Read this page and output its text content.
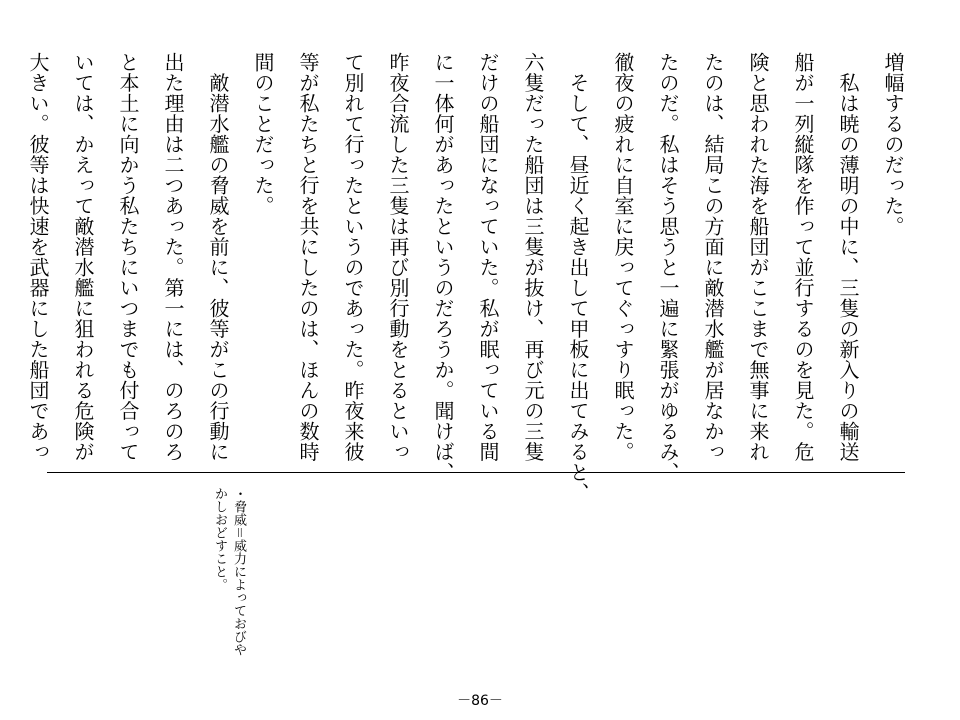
増幅するのだった。

　私は暁の薄明の中に、三隻の新入りの輸送

船が一列縦隊を作って並行するのを見た。危

険と思われた海を船団がここまで無事に来れ

たのは、結局この方面に敵潜水艦が居なかっ

たのだ。私はそう思うと一遍に緊張がゆるみ、

徹夜の疲れに自室に戻ってぐっすり眠った。

　そして、昼近く起き出して甲板に出てみると、

六隻だった船団は三隻が抜け、再び元の三隻

だけの船団になっていた。私が眠っている間

に一体何があったというのだろうか。聞けば、

昨夜合流した三隻は再び別行動をとるといっ

て別れて行ったというのであった。昨夜来彼

等が私たちと行を共にしたのは、ほんの数時

間のことだった。

　敵潜水艦の脅威を前に、彼等がこの行動に

出た理由は二つあった。第一には、のろのろ

と本土に向かう私たちにいつまでも付合って

いては、かえって敵潜水艦に狙われる危険が

大きい。彼等は快速を武器にした船団であっ

・脅威＝威力によっておびや

かしおどすこと。

－86－
